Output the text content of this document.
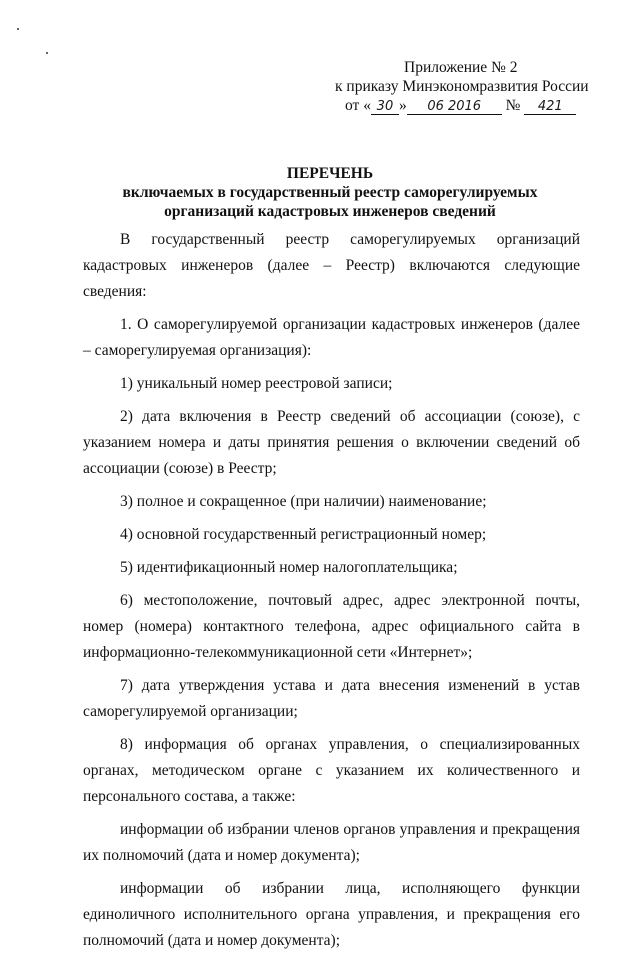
Приложение № 2
к приказу Минэкономразвития России
от « 30 » 06 2016 № 421
ПЕРЕЧЕНЬ
включаемых в государственный реестр саморегулируемых
организаций кадастровых инженеров сведений

В государственный реестр саморегулируемых организаций кадастровых инженеров (далее – Реестр) включаются следующие сведения:

1. О саморегулируемой организации кадастровых инженеров (далее – саморегулируемая организация):

1) уникальный номер реестровой записи;

2) дата включения в Реестр сведений об ассоциации (союзе), с указанием номера и даты принятия решения о включении сведений об ассоциации (союзе) в Реестр;

3) полное и сокращенное (при наличии) наименование;

4) основной государственный регистрационный номер;

5) идентификационный номер налогоплательщика;

6) местоположение, почтовый адрес, адрес электронной почты, номер (номера) контактного телефона, адрес официального сайта в информационно-телекоммуникационной сети «Интернет»;

7) дата утверждения устава и дата внесения изменений в устав саморегулируемой организации;

8) информация об органах управления, о специализированных органах, методическом органе с указанием их количественного и персонального состава, а также:

информации об избрании членов органов управления и прекращения их полномочий (дата и номер документа);

информации об избрании лица, исполняющего функции единоличного исполнительного органа управления, и прекращения его полномочий (дата и номер документа);
